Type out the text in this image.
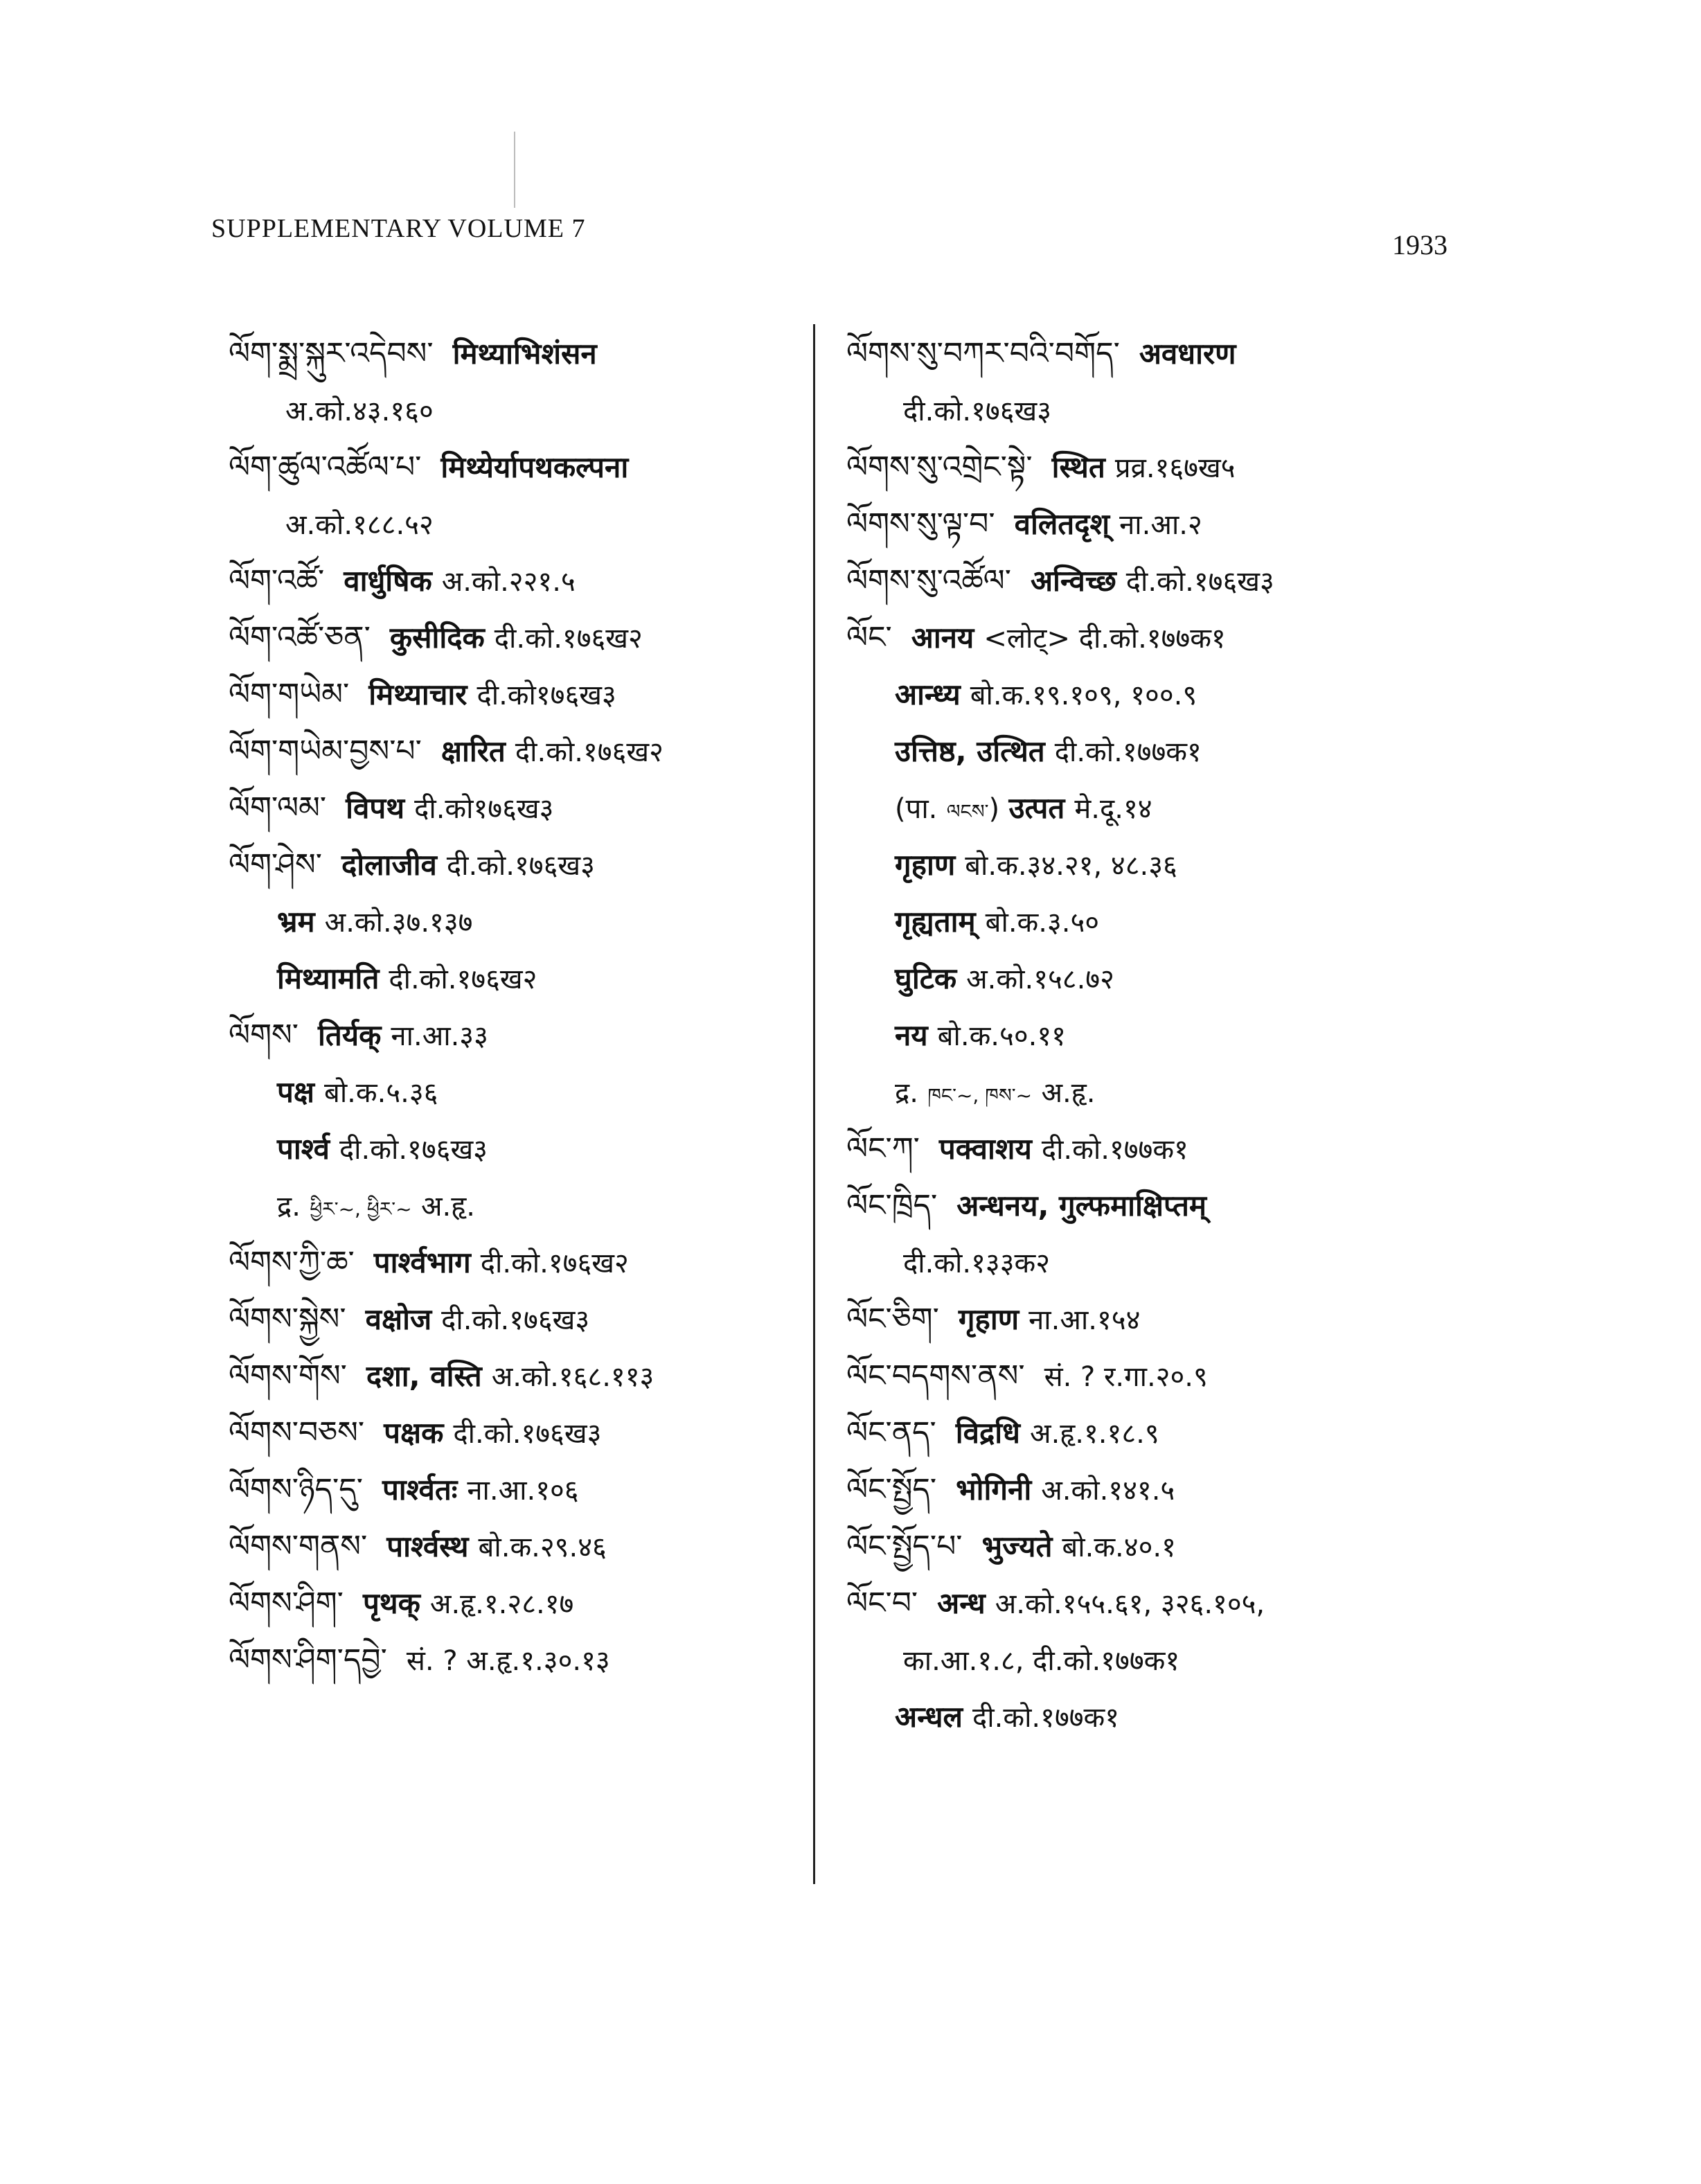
SUPPLEMENTARY VOLUME 7
1933
ལོག་སྨྲ་སྐུར་འདེབས་ मिथ्याभिशंसन
अ.को.४३.१६०
ལོག་ཚུལ་འཚོལ་པ་ मिथ्येर्यापथकल्पना
अ.को.१८८.५२
ལོག་འཚོ་ वार्धुषिक अ.को.२२१.५
ལོག་འཚོ་ཅན་ कुसीदिक दी.को.१७६ख२
ལོག་གཡེམ་ मिथ्याचार दी.को१७६ख३
ལོག་གཡེམ་བྱས་པ་ क्षारित दी.को.१७६ख२
ལོག་ལམ་ विपथ दी.को१७६ख३
ལོག་ཤེས་ दोलाजीव दी.को.१७६ख३
भ्रम अ.को.३७.१३७
मिथ्यामति दी.को.१७६ख२
ལོགས་ तिर्यक् ना.आ.३३
पक्ष बो.क.५.३६
पार्श्व दी.को.१७६ख३
द्र. ཕྱིར་~, ཕྱིར་~ अ.हृ.
ལོགས་ཀྱི་ཆ་ पार्श्वभाग दी.को.१७६ख२
ལོགས་སྐྱེས་ वक्षोज दी.को.१७६ख३
ལོགས་གོས་ दशा, वस्ति अ.को.१६८.११३
ལོགས་བཅས་ पक्षक दी.को.१७६ख३
ལོགས་ཉིད་དུ་ पार्श्वतः ना.आ.१०६
ལོགས་གནས་ पार्श्वस्थ बो.क.२९.४६
ལོགས་ཤིག་ पृथक् अ.हृ.१.२८.१७
ལོགས་ཤིག་དབྱེ་ सं. ? अ.हृ.१.३०.१३
ལོགས་སུ་བཀར་བའི་བགོད་ अवधारण
दी.को.१७६ख३
ལོགས་སུ་འགྲེང་སྟེ་ स्थित प्रव्र.१६७ख५
ལོགས་སུ་ལྟ་བ་ वलितदृश् ना.आ.२
ལོགས་སུ་འཚོལ་ अन्विच्छ दी.को.१७६ख३
ལོང་ आनय <लोट्> दी.को.१७७क१
आन्ध्य बो.क.१९.१०९, १००.९
उत्तिष्ठ, उत्थित दी.को.१७७क१
(पा. ལངས་) उत्पत मे.दू.१४
गृहाण बो.क.३४.२१, ४८.३६
गृह्यताम् बो.क.३.५०
घुटिक अ.को.१५८.७२
नय बो.क.५०.११
द्र. ཁང་~, ཁས་~ अ.हृ.
ལོང་ཀ་ पक्वाशय दी.को.१७७क१
ལོང་ཁྲིད་ अन्धनय, गुल्फमाक्षिप्तम्
दी.को.१३३क२
ལོང་ཅིག་ गृहाण ना.आ.१५४
ལོང་བདགས་ནས་ सं. ? र.गा.२०.९
ལོང་ནད་ विद्रधि अ.हृ.१.१८.९
ལོང་སྤྱོད་ भोगिनी अ.को.१४१.५
ལོང་སྤྱོད་པ་ भुज्यते बो.क.४०.१
ལོང་བ་ अन्ध अ.को.१५५.६१, ३२६.१०५,
का.आ.१.८, दी.को.१७७क१
अन्धल दी.को.१७७क१
